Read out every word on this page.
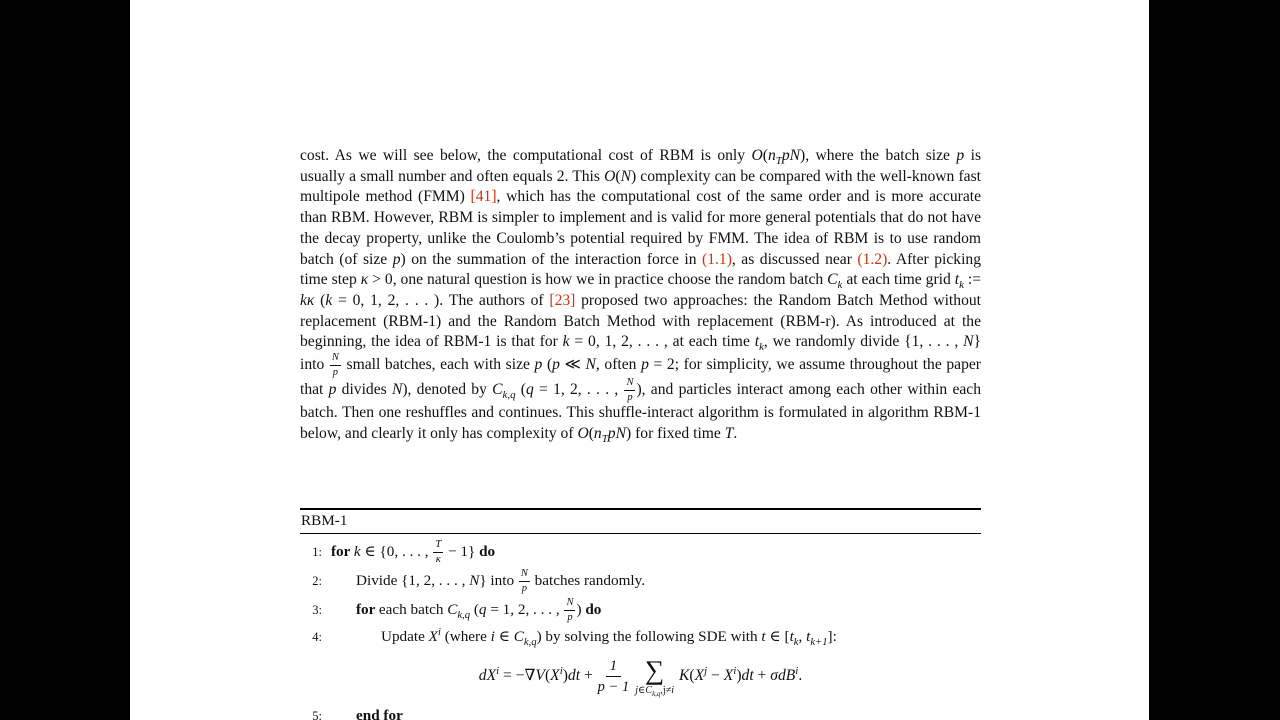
cost. As we will see below, the computational cost of RBM is only $O(n_TpN)$, where the batch size p is usually a small number and often equals 2. This O(N) complexity can be compared with the well-known fast multipole method (FMM) [41], which has the computational cost of the same order and is more accurate than RBM. However, RBM is simpler to implement and is valid for more general potentials that do not have the decay property, unlike the Coulomb’s potential required by FMM. The idea of RBM is to use random batch (of size p) on the summation of the interaction force in (1.1), as discussed near (1.2). After picking time step κ > 0, one natural question is how we in practice choose the random batch $C_k$ at each time grid $t_k$ := kκ (k = 0, 1, 2, . . . ). The authors of [23] proposed two approaches: the Random Batch Method without replacement (RBM-1) and the Random Batch Method with replacement (RBM-r). As introduced at the beginning, the idea of RBM-1 is that for k = 0, 1, 2, . . . , at each time $t_k$, we randomly divide {1, . . . , N} into $\frac{N}{p}$ small batches, each with size p (p ≪ N, often p = 2; for simplicity, we assume throughout the paper that p divides N), denoted by $C_{k,q}$ (q = 1, 2, . . . , $\frac{N}{p}$ ), and particles interact among each other within each batch. Then one reshuffles and continues. This shuffle-interact algorithm is formulated in algorithm RBM-1 below, and clearly it only has complexity of $O(n_TpN)$ for fixed time T.
RBM-1
1: for k ∈ {0, . . . , $\frac{T}{\kappa} - 1$} do
2:	Divide {1, 2, . . . , N} into $\frac{N}{p}$ batches randomly.
3:	for each batch $C_{k,q}$ (q = 1, 2, . . . , $\frac{N}{p}$ ) do
4:	Update $X^i$ (where i ∈ $C_{k,q}$) by solving the following SDE with t ∈ [$t_k$, $t_{k+1}$]:
$dX^i = -\nabla V(X^i)dt + \frac{1}{p - 1}$ ∑
$j\in C_{k,q},j\ne i$
$K(X^j - X^i)dt + \sigma dB^i$.
5:	end for
